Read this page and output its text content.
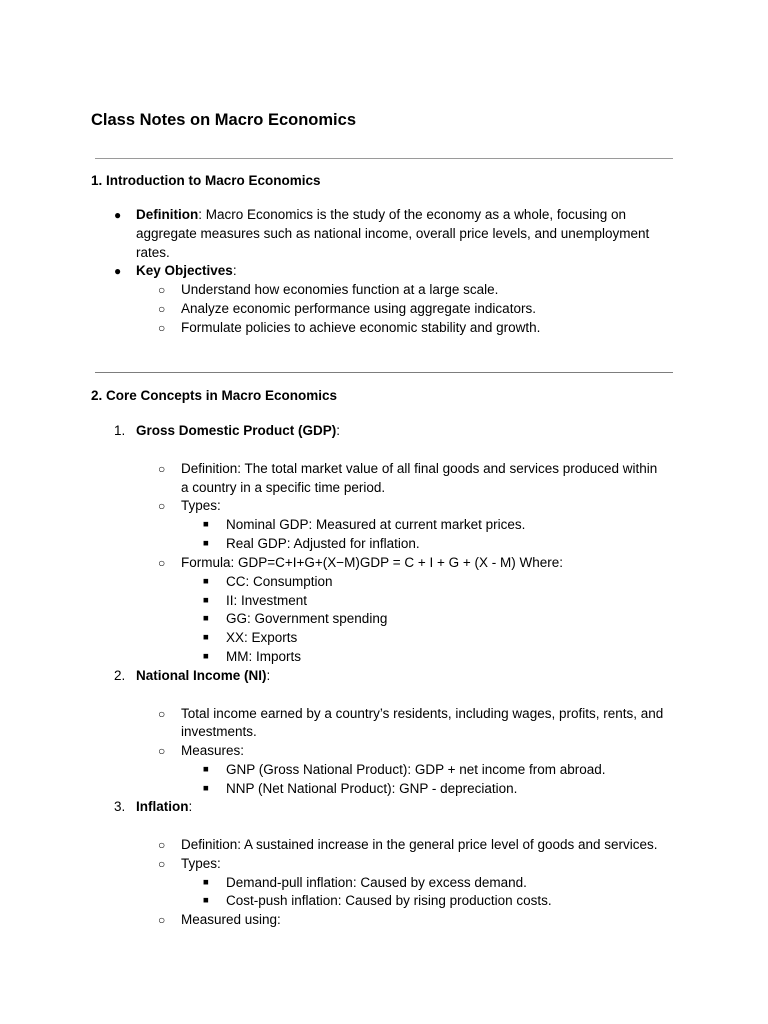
Class Notes on Macro Economics
1. Introduction to Macro Economics
● Definition: Macro Economics is the study of the economy as a whole, focusing on
aggregate measures such as national income, overall price levels, and unemployment
rates.
● Key Objectives:
○ Understand how economies function at a large scale.
○ Analyze economic performance using aggregate indicators.
○ Formulate policies to achieve economic stability and growth.
2. Core Concepts in Macro Economics
1. Gross Domestic Product (GDP):
○ Definition: The total market value of all final goods and services produced within
a country in a specific time period.
○ Types:
■ Nominal GDP: Measured at current market prices.
■ Real GDP: Adjusted for inflation.
○ Formula: GDP=C+I+G+(X−M)GDP = C + I + G + (X - M) Where:
■ CC: Consumption
■ II: Investment
■ GG: Government spending
■ XX: Exports
■ MM: Imports
2. National Income (NI):
○ Total income earned by a country’s residents, including wages, profits, rents, and
investments.
○ Measures:
■ GNP (Gross National Product): GDP + net income from abroad.
■ NNP (Net National Product): GNP - depreciation.
3. Inflation:
○ Definition: A sustained increase in the general price level of goods and services.
○ Types:
■ Demand-pull inflation: Caused by excess demand.
■ Cost-push inflation: Caused by rising production costs.
○ Measured using:
